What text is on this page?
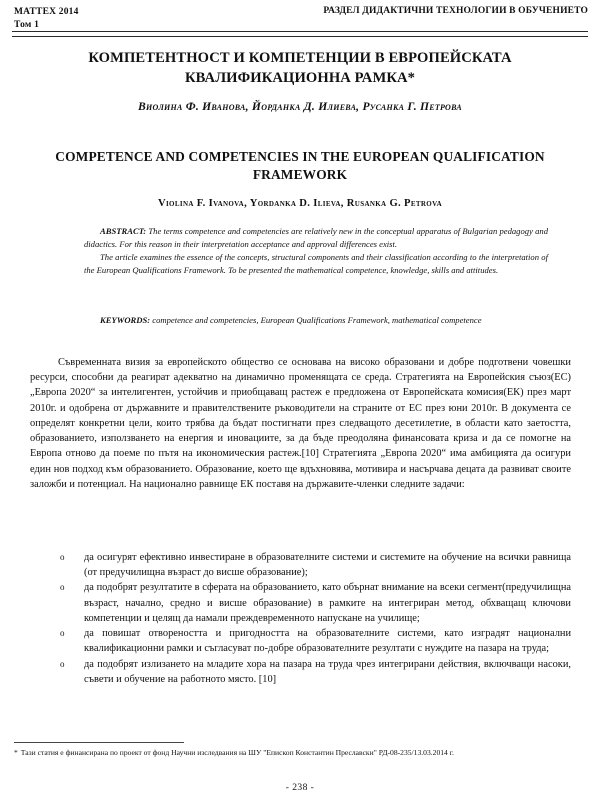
MATTEX 2014
Том 1
РАЗДЕЛ ДИДАКТИЧНИ ТЕХНОЛОГИИ В ОБУЧЕНИЕТО
КОМПЕТЕНТНОСТ И КОМПЕТЕНЦИИ В ЕВРОПЕЙСКАТА КВАЛИФИКАЦИОННА РАМКА*
Виолина Ф. Иванова, Йорданка Д. Илиева, Русанка Г. Петрова
COMPETENCE AND COMPETENCIES IN THE EUROPEAN QUALIFICATION FRAMEWORK
Violina F. Ivanova, Yordanka D. Ilieva, Rusanka G. Petrova

ABSTRACT: The terms competence and competencies are relatively new in the conceptual apparatus of Bulgarian pedagogy and didactics. For this reason in their interpretation acceptance and approval differences exist.

The article examines the essence of the concepts, structural components and their classification according to the interpretation of the European Qualifications Framework. To be presented the mathematical competence, knowledge, skills and attitudes.

KEYWORDS: competence and competencies, European Qualifications Framework, mathematical competence

Съвременната визия за европейското общество се основава на високо образовани и добре подготвени човешки ресурси, способни да реагират адекватно на динамично променящата се среда. Стратегията на Европейския съюз(ЕС) „Европа 2020“ за интелигентен, устойчив и приобщаващ растеж е предложена от Европейската комисия(ЕК) през март 2010г. и одобрена от държавните и правителствените ръководители на страните от ЕС през юни 2010г. В документа се определят конкретни цели, които трябва да бъдат постигнати през следващото десетилетие, в области като заетостта, образованието, използването на енергия и иновациите, за да бъде преодоляна финансовата криза и да се помогне на Европа отново да поеме по пътя на икономическия растеж.[10] Стратегията „Европа 2020“ има амбицията да осигури един нов подход към образованието. Образование, което ще вдъхновява, мотивира и насърчава децата да развиват своите заложби и потенциал. На национално равнище ЕК поставя на държавите-членки следните задачи:
o	да осигурят ефективно инвестиране в образователните системи и системите на обучение на всички равнища (от предучилищна възраст до висше образование);
o	да подобрят резултатите в сферата на образованието, като обърнат внимание на всеки сегмент(предучилищна възраст, начално, средно и висше образование) в рамките на интегриран метод, обхващащ ключови компетенции и целящ да намали преждевременното напускане на училище;
o	да повишат отвореността и пригодността на образователните системи, като изградят национални квалификационни рамки и съгласуват по-добре образователните резултати с нуждите на пазара на труда;
o	да подобрят излизането на младите хора на пазара на труда чрез интегрирани действия, включващи насоки, съвети и обучение на работното място. [10]
* Тази статия е финансирана по проект от фонд Научни изследвания на ШУ "Епископ Константин Преславски" РД-08-235/13.03.2014 г.
- 238 -
